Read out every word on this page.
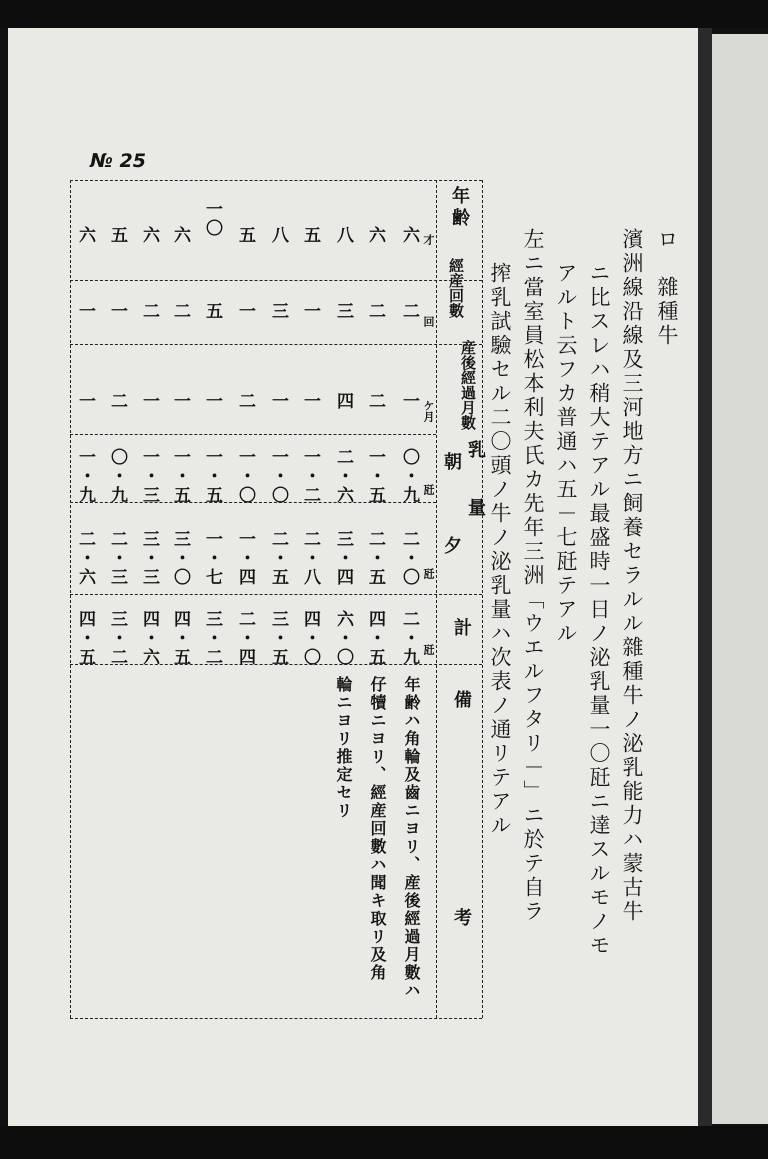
№ 25
ロ　雜種牛
濱洲線沿線及三河地方ニ飼養セラルル雜種牛ノ泌乳能力ハ蒙古牛
ニ比スレハ稍大テアル最盛時一日ノ泌乳量一〇瓩ニ達スルモノモ
アルト云フカ普通ハ五－七瓩テアル
左ニ當室員松本利夫氏カ先年三洲「ウエルフタリ－」ニ於テ自ラ
搾乳試驗セル二〇頭ノ牛ノ泌乳量ハ次表ノ通リテアル
年齢
經産回數
産後經過月數
乳量
朝
夕
計
備考
才
回
ケ月
瓩
瓩
瓩
六
二
一
〇・九
二・〇
二・九
六
二
二
一・五
二・五
四・五
八
三
四
二・六
三・四
六・〇
五
一
一
一・二
二・八
四・〇
八
三
一
一・〇
二・五
三・五
五
一
二
一・〇
一・四
二・四
一〇
五
一
一・五
一・七
三・二
六
二
一
一・五
三・〇
四・五
六
二
一
一・三
三・三
四・六
五
一
二
〇・九
二・三
三・二
六
一
一
一・九
二・六
四・五
年齢ハ角輪及齒ニヨリ、産後經過月數ハ
仔犢ニヨリ、經産回數ハ聞キ取リ及角
輪ニヨリ推定セリ
